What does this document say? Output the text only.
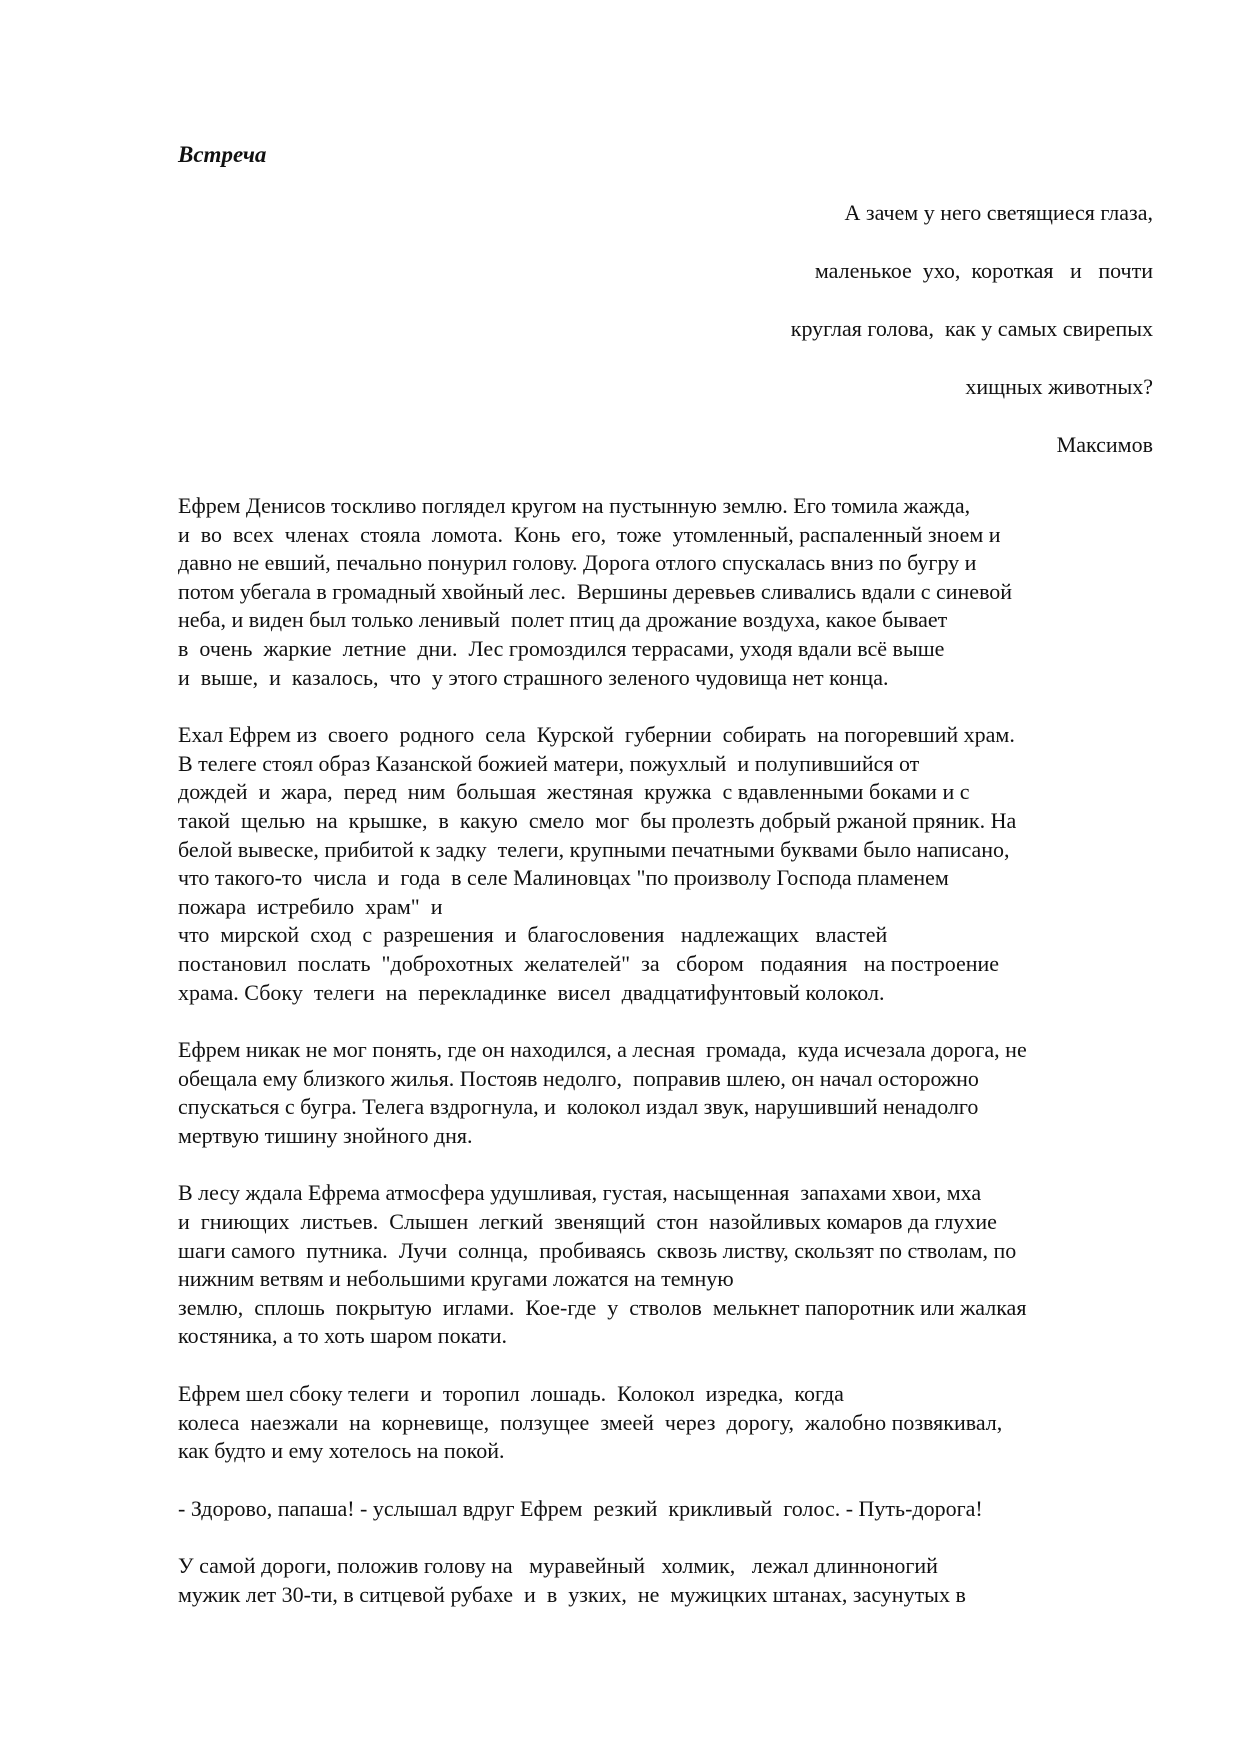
Встреча
А зачем у него светящиеся глаза,
маленькое  ухо,  короткая   и   почти
круглая голова,  как у самых свирепых
хищных животных?
Максимов
Ефрем Денисов тоскливо поглядел кругом на пустынную землю. Его томила жажда,
и  во  всех  членах  стояла  ломота.  Конь  его,  тоже  утомленный, распаленный зноем и
давно не евший, печально понурил голову. Дорога отлого спускалась вниз по бугру и
потом убегала в громадный хвойный лес.  Вершины деревьев сливались вдали с синевой
неба, и виден был только ленивый  полет птиц да дрожание воздуха, какое бывает
в  очень  жаркие  летние  дни.  Лес громоздился террасами, уходя вдали всё выше
и  выше,  и  казалось,  что  у этого страшного зеленого чудовища нет конца.
Ехал Ефрем из  своего  родного  села  Курской  губернии  собирать  на погоревший храм.
В телеге стоял образ Казанской божией матери, пожухлый  и полупившийся от
дождей  и  жара,  перед  ним  большая  жестяная  кружка  с вдавленными боками и с
такой  щелью  на  крышке,  в  какую  смело  мог  бы пролезть добрый ржаной пряник. На
белой вывеске, прибитой к задку  телеги, крупными печатными буквами было написано,
что такого-то  числа  и  года  в селе Малиновцах "по произволу Господа пламенем
пожара  истребило  храм"  и
что  мирской  сход  с  разрешения  и  благословения   надлежащих   властей
постановил  послать  "доброхотных  желателей"  за   сбором   подаяния   на построение
храма. Сбоку  телеги  на  перекладинке  висел  двадцатифунтовый колокол.
Ефрем никак не мог понять, где он находился, а лесная  громада,  куда исчезала дорога, не
обещала ему близкого жилья. Постояв недолго,  поправив шлею, он начал осторожно
спускаться с бугра. Телега вздрогнула, и  колокол издал звук, нарушивший ненадолго
мертвую тишину знойного дня.
В лесу ждала Ефрема атмосфера удушливая, густая, насыщенная  запахами хвои, мха
и  гниющих  листьев.  Слышен  легкий  звенящий  стон  назойливых комаров да глухие
шаги самого  путника.  Лучи  солнца,  пробиваясь  сквозь листву, скользят по стволам, по
нижним ветвям и небольшими кругами ложатся на темную
землю,  сплошь  покрытую  иглами.  Кое-где  у  стволов  мелькнет папоротник или жалкая
костяника, а то хоть шаром покати.
Ефрем шел сбоку телеги  и  торопил  лошадь.  Колокол  изредка,  когда
колеса  наезжали  на  корневище,  ползущее  змеей  через  дорогу,  жалобно позвякивал,
как будто и ему хотелось на покой.
- Здорово, папаша! - услышал вдруг Ефрем  резкий  крикливый  голос. - Путь-дорога!
У самой дороги, положив голову на   муравейный   холмик,   лежал длинноногий
мужик лет 30-ти, в ситцевой рубахе  и  в  узких,  не  мужицких штанах, засунутых в
